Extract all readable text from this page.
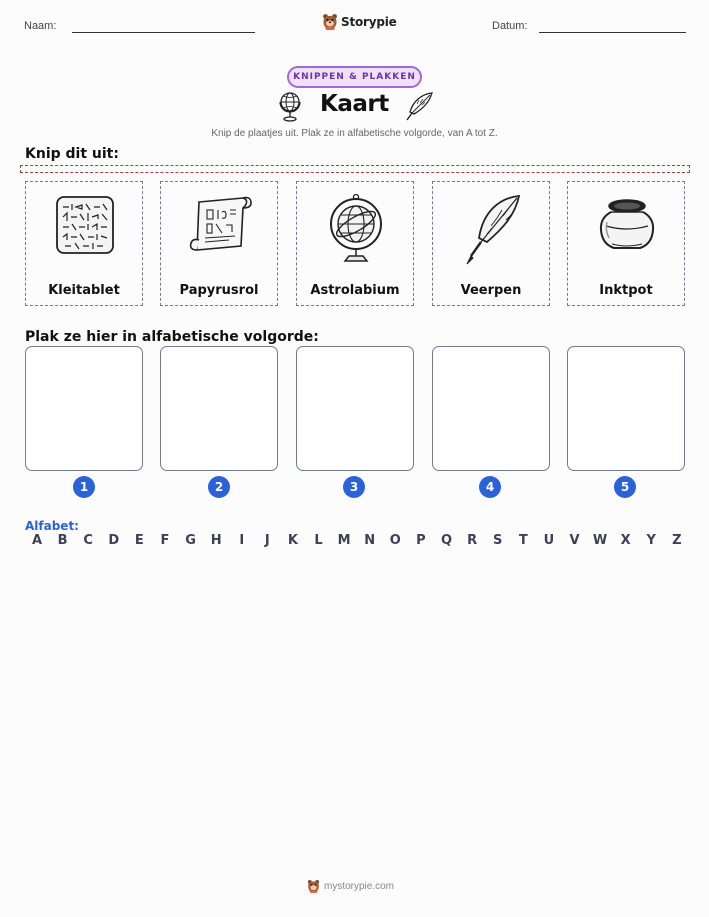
Naam:	Storypie	Datum:
KNIPPEN & PLAKKEN
Kaart
Knip de plaatjes uit. Plak ze in alfabetische volgorde, van A tot Z.
Knip dit uit:
Kleitablet	Papyrusrol	Astrolabium	Veerpen	Inktpot
Plak ze hier in alfabetische volgorde:
1	2	3	4	5
Alfabet:
A	B	C	D	E	F	G	H	I	J	K	L	M	N	O	P	Q	R	S	T	U	V	W	X	Y	Z
mystorypie.com
